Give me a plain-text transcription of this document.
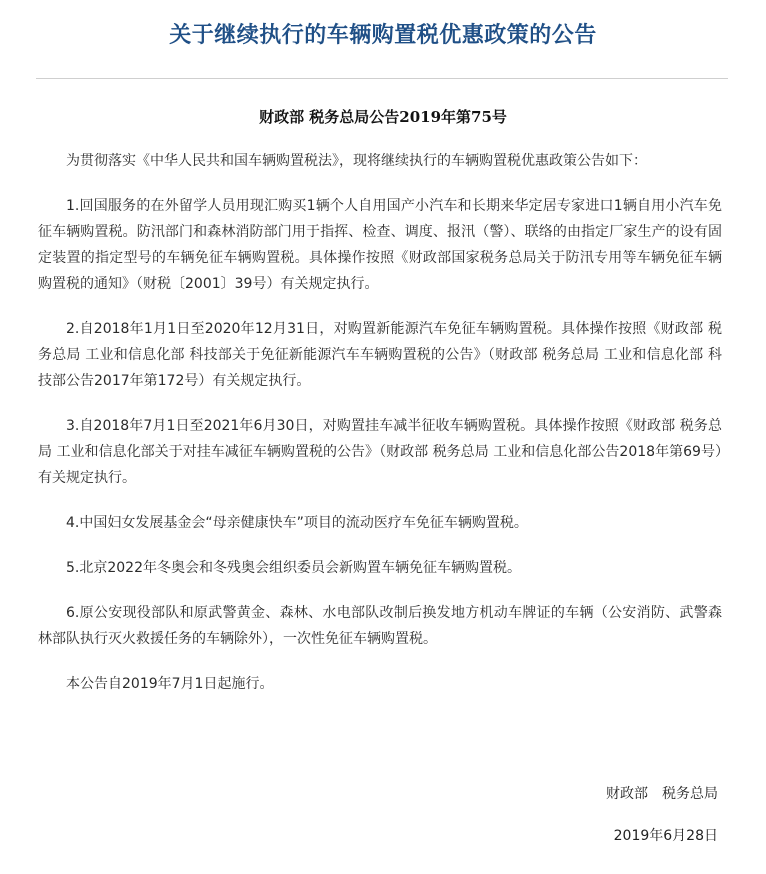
关于继续执行的车辆购置税优惠政策的公告
财政部 税务总局公告2019年第75号

为贯彻落实《中华人民共和国车辆购置税法》，现将继续执行的车辆购置税优惠政策公告如下：

1.回国服务的在外留学人员用现汇购买1辆个人自用国产小汽车和长期来华定居专家进口1辆自用小汽车免征车辆购置税。防汛部门和森林消防部门用于指挥、检查、调度、报汛（警）、联络的由指定厂家生产的设有固定装置的指定型号的车辆免征车辆购置税。具体操作按照《财政部国家税务总局关于防汛专用等车辆免征车辆购置税的通知》（财税〔2001〕39号）有关规定执行。

2.自2018年1月1日至2020年12月31日，对购置新能源汽车免征车辆购置税。具体操作按照《财政部 税务总局 工业和信息化部 科技部关于免征新能源汽车车辆购置税的公告》（财政部 税务总局 工业和信息化部 科技部公告2017年第172号）有关规定执行。

3.自2018年7月1日至2021年6月30日，对购置挂车减半征收车辆购置税。具体操作按照《财政部 税务总局 工业和信息化部关于对挂车减征车辆购置税的公告》（财政部 税务总局 工业和信息化部公告2018年第69号）有关规定执行。

4.中国妇女发展基金会“母亲健康快车”项目的流动医疗车免征车辆购置税。

5.北京2022年冬奥会和冬残奥会组织委员会新购置车辆免征车辆购置税。

6.原公安现役部队和原武警黄金、森林、水电部队改制后换发地方机动车牌证的车辆（公安消防、武警森林部队执行灭火救援任务的车辆除外），一次性免征车辆购置税。

本公告自2019年7月1日起施行。

财政部　税务总局
2019年6月28日
